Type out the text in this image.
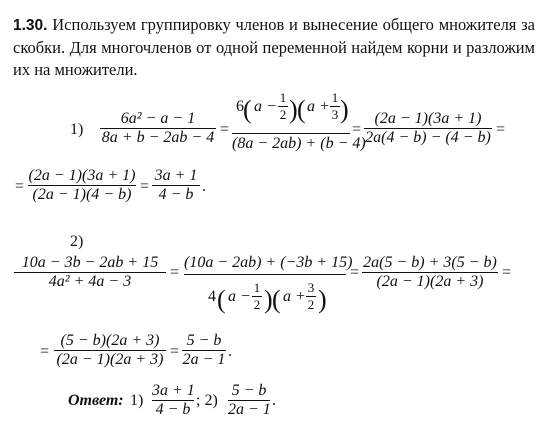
1.30. Используем группировку членов и вынесение общего множителя за скобки. Для многочленов от одной переменной найдем корни и разложим их на множители.
1)
6a² − a − 1
8a + b − 2ab − 4 =
6 ( a −
1
2 ) ( a +
1
3 )
(8a − 2ab) + (b − 4)
=
(2a − 1)(3a + 1)
2a(4 − b) − (4 − b) =
=
(2a − 1)(3a + 1)
(2a − 1)(4 − b) =
3a + 1
4 − b .
2)
10a − 3b − 2ab + 15
4a² + 4a − 3
=
(10a − 2ab) + (−3b + 15)
4 ( a −
1
2 ) ( a +
3
2 )
=
2a(5 − b) + 3(5 − b)
(2a − 1)(2a + 3)
=
=
(5 − b)(2a + 3)
(2a − 1)(2a + 3) =
5 − b
2a − 1 .
Ответ: 1)
3a + 1
4 − b
; 2)
5 − b
2a − 1
.
